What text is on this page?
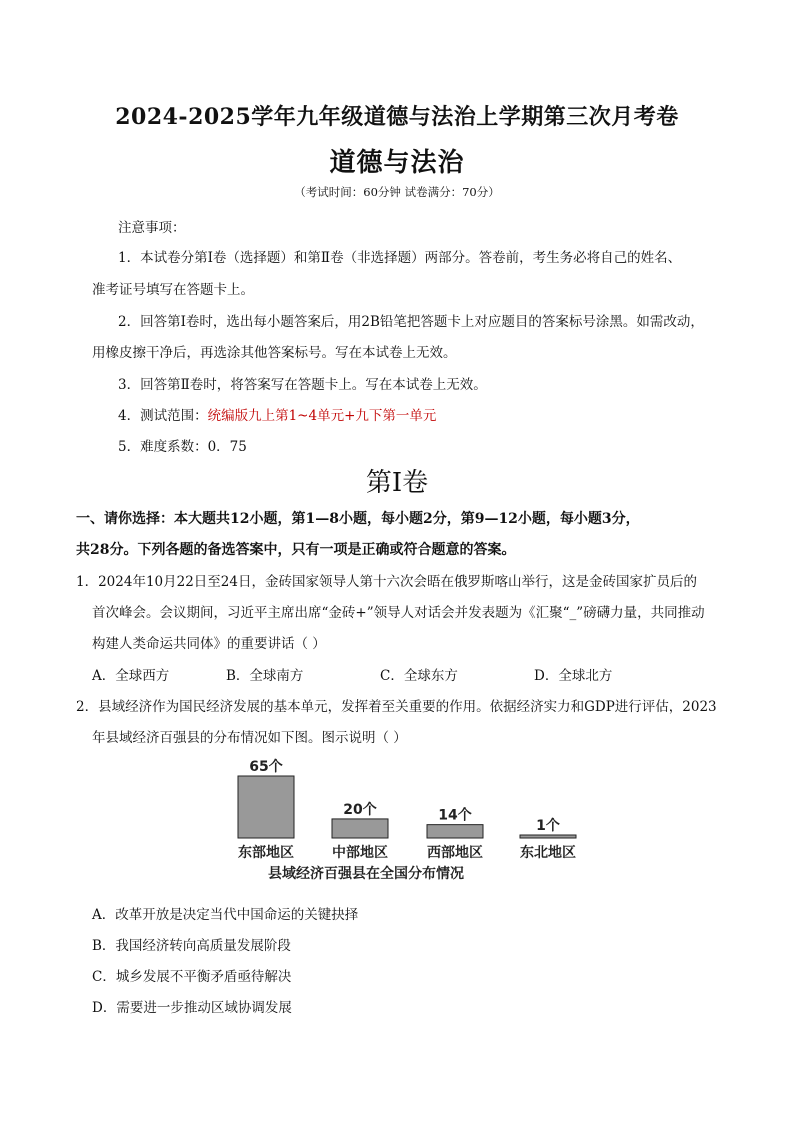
2024-2025学年九年级道德与法治上学期第三次月考卷
道德与法治
（考试时间：60分钟 试卷满分：70分）
注意事项：
1．本试卷分第Ⅰ卷（选择题）和第Ⅱ卷（非选择题）两部分。答卷前，考生务必将自己的姓名、
准考证号填写在答题卡上。
2．回答第Ⅰ卷时，选出每小题答案后，用2B铅笔把答题卡上对应题目的答案标号涂黑。如需改动，
用橡皮擦干净后，再选涂其他答案标号。写在本试卷上无效。
3．回答第Ⅱ卷时，将答案写在答题卡上。写在本试卷上无效。
4．测试范围：统编版九上第1~4单元+九下第一单元
5．难度系数：0．75
第Ⅰ卷
一、请你选择：本大题共12小题，第1—8小题，每小题2分，第9—12小题，每小题3分，
共28分。下列各题的备选答案中，只有一项是正确或符合题意的答案。
1．2024年10月22日至24日，金砖国家领导人第十六次会晤在俄罗斯喀山举行，这是金砖国家扩员后的
首次峰会。会议期间，习近平主席出席“金砖+”领导人对话会并发表题为《汇聚“_”磅礴力量，共同推动
构建人类命运共同体》的重要讲话（ ）
A．全球西方	B．全球南方	C．全球东方	D．全球北方
2．县域经济作为国民经济发展的基本单元，发挥着至关重要的作用。依据经济实力和GDP进行评估，2023
年县域经济百强县的分布情况如下图。图示说明（ ）
65个
东部地区
20个
中部地区
14个
西部地区
1个
东北地区
县域经济百强县在全国分布情况
A．改革开放是决定当代中国命运的关键抉择
B．我国经济转向高质量发展阶段
C．城乡发展不平衡矛盾亟待解决
D．需要进一步推动区域协调发展
